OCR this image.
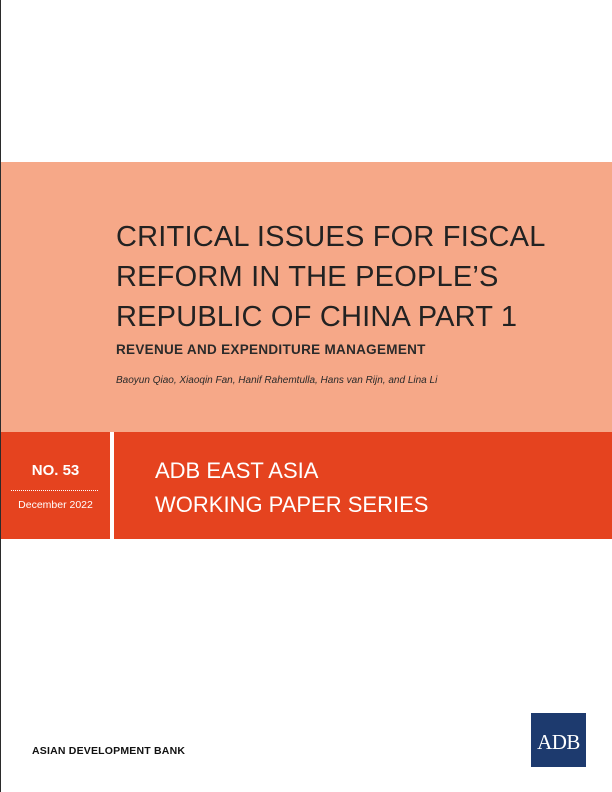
CRITICAL ISSUES FOR FISCAL
REFORM IN THE PEOPLE’S
REPUBLIC OF CHINA PART 1
REVENUE AND EXPENDITURE MANAGEMENT

Baoyun Qiao, Xiaoqin Fan, Hanif Rahemtulla, Hans van Rijn, and Lina Li

NO. 53
December 2022
ADB EAST ASIA
WORKING PAPER SERIES
ASIAN DEVELOPMENT BANK	ADB
